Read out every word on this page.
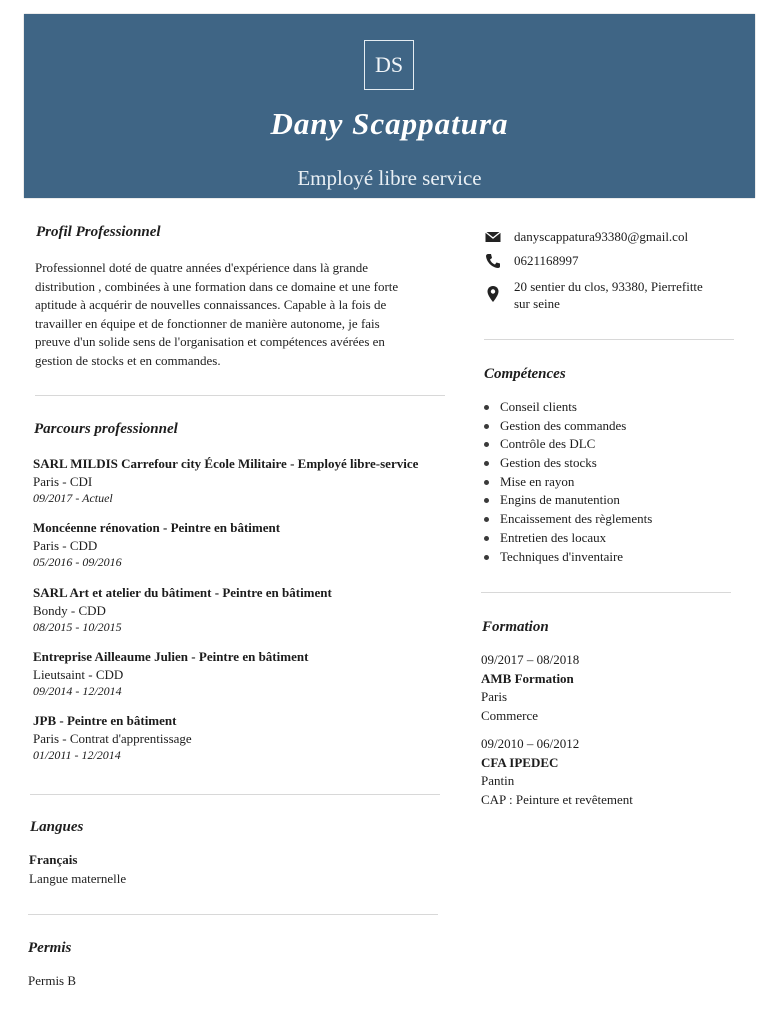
DS
Dany Scappatura
Employé libre service
Profil Professionnel
Professionnel doté de quatre années d'expérience dans là grande
distribution , combinées à une formation dans ce domaine et une forte
aptitude à acquérir de nouvelles connaissances. Capable à la fois de
travailler en équipe et de fonctionner de manière autonome, je fais
preuve d'un solide sens de l'organisation et compétences avérées en
gestion de stocks et en commandes.
Parcours professionnel
SARL MILDIS Carrefour city École Militaire - Employé libre-service
Paris - CDI
09/2017 - Actuel
Moncéenne rénovation - Peintre en bâtiment
Paris - CDD
05/2016 - 09/2016
SARL Art et atelier du bâtiment - Peintre en bâtiment
Bondy - CDD
08/2015 - 10/2015
Entreprise Ailleaume Julien - Peintre en bâtiment
Lieutsaint - CDD
09/2014 - 12/2014
JPB - Peintre en bâtiment
Paris - Contrat d'apprentissage
01/2011 - 12/2014
Langues
Français
Langue maternelle
Permis
Permis B
danyscappatura93380@gmail.col
0621168997
20 sentier du clos, 93380, Pierrefitte
sur seine
Compétences
Conseil clients
Gestion des commandes
Contrôle des DLC
Gestion des stocks
Mise en rayon
Engins de manutention
Encaissement des règlements
Entretien des locaux
Techniques d'inventaire
Formation
09/2017 – 08/2018
AMB Formation
Paris
Commerce
09/2010 – 06/2012
CFA IPEDEC
Pantin
CAP : Peinture et revêtement
